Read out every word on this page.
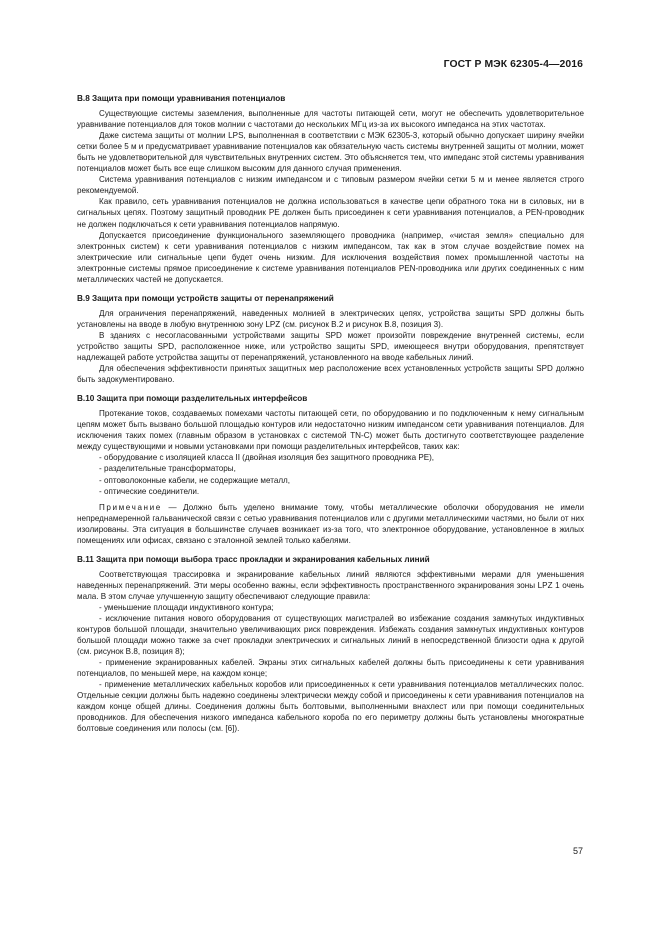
ГОСТ Р МЭК 62305-4—2016
В.8 Защита при помощи уравнивания потенциалов

Существующие системы заземления, выполненные для частоты питающей сети, могут не обеспечить удовлетворительное уравнивание потенциалов для токов молнии с частотами до нескольких МГц из-за их высокого импеданса на этих частотах.

Даже система защиты от молнии LPS, выполненная в соответствии с МЭК 62305-3, который обычно допускает ширину ячейки сетки более 5 м и предусматривает уравнивание потенциалов как обязательную часть системы внутренней защиты от молнии, может быть не удовлетворительной для чувствительных внутренних систем. Это объясняется тем, что импеданс этой системы уравнивания потенциалов может быть все еще слишком высоким для данного случая применения.

Система уравнивания потенциалов с низким импедансом и с типовым размером ячейки сетки 5 м и менее является строго рекомендуемой.

Как правило, сеть уравнивания потенциалов не должна использоваться в качестве цепи обратного тока ни в силовых, ни в сигнальных цепях. Поэтому защитный проводник PE должен быть присоединен к сети уравнивания потенциалов, а PEN-проводник не должен подключаться к сети уравнивания потенциалов напрямую.

Допускается присоединение функционального заземляющего проводника (например, «чистая земля» специально для электронных систем) к сети уравнивания потенциалов с низким импедансом, так как в этом случае воздействие помех на электрические или сигнальные цепи будет очень низким. Для исключения воздействия помех промышленной частоты на электронные системы прямое присоединение к системе уравнивания потенциалов PEN-проводника или других соединенных с ним металлических частей не допускается.

В.9 Защита при помощи устройств защиты от перенапряжений

Для ограничения перенапряжений, наведенных молнией в электрических цепях, устройства защиты SPD должны быть установлены на вводе в любую внутреннюю зону LPZ (см. рисунок В.2 и рисунок В.8, позиция 3).

В зданиях с несогласованными устройствами защиты SPD может произойти повреждение внутренней системы, если устройство защиты SPD, расположенное ниже, или устройство защиты SPD, имеющееся внутри оборудования, препятствует надлежащей работе устройства защиты от перенапряжений, установленного на вводе кабельных линий.

Для обеспечения эффективности принятых защитных мер расположение всех установленных устройств защиты SPD должно быть задокументировано.

В.10 Защита при помощи разделительных интерфейсов

Протекание токов, создаваемых помехами частоты питающей сети, по оборудованию и по подключенным к нему сигнальным цепям может быть вызвано большой площадью контуров или недостаточно низким импедансом сети уравнивания потенциалов. Для исключения таких помех (главным образом в установках с системой TN-C) может быть достигнуто соответствующее разделение между существующими и новыми установками при помощи разделительных интерфейсов, таких как:

- оборудование с изоляцией класса II (двойная изоляция без защитного проводника PE),
- разделительные трансформаторы,
- оптоволоконные кабели, не содержащие металл,
- оптические соединители.

Примечание — Должно быть уделено внимание тому, чтобы металлические оболочки оборудования не имели непреднамеренной гальванической связи с сетью уравнивания потенциалов или с другими металлическими частями, но были от них изолированы. Эта ситуация в большинстве случаев возникает из-за того, что электронное оборудование, установленное в жилых помещениях или офисах, связано с эталонной землей только кабелями.

В.11 Защита при помощи выбора трасс прокладки и экранирования кабельных линий

Соответствующая трассировка и экранирование кабельных линий являются эффективными мерами для уменьшения наведенных перенапряжений. Эти меры особенно важны, если эффективность пространственного экранирования зоны LPZ 1 очень мала. В этом случае улучшенную защиту обеспечивают следующие правила:

- уменьшение площади индуктивного контура;
- исключение питания нового оборудования от существующих магистралей во избежание создания замкнутых индуктивных контуров большой площади, значительно увеличивающих риск повреждения. Избежать создания замкнутых индуктивных контуров большой площади можно также за счет прокладки электрических и сигнальных линий в непосредственной близости одна к другой (см. рисунок В.8, позиция 8);
- применение экранированных кабелей. Экраны этих сигнальных кабелей должны быть присоединены к сети уравнивания потенциалов, по меньшей мере, на каждом конце;
- применение металлических кабельных коробов или присоединенных к сети уравнивания потенциалов металлических полос. Отдельные секции должны быть надежно соединены электрически между собой и присоединены к сети уравнивания потенциалов на каждом конце общей длины. Соединения должны быть болтовыми, выполненными внахлест или при помощи соединительных проводников. Для обеспечения низкого импеданса кабельного короба по его периметру должны быть установлены многократные болтовые соединения или полосы (см. [6]).
57
